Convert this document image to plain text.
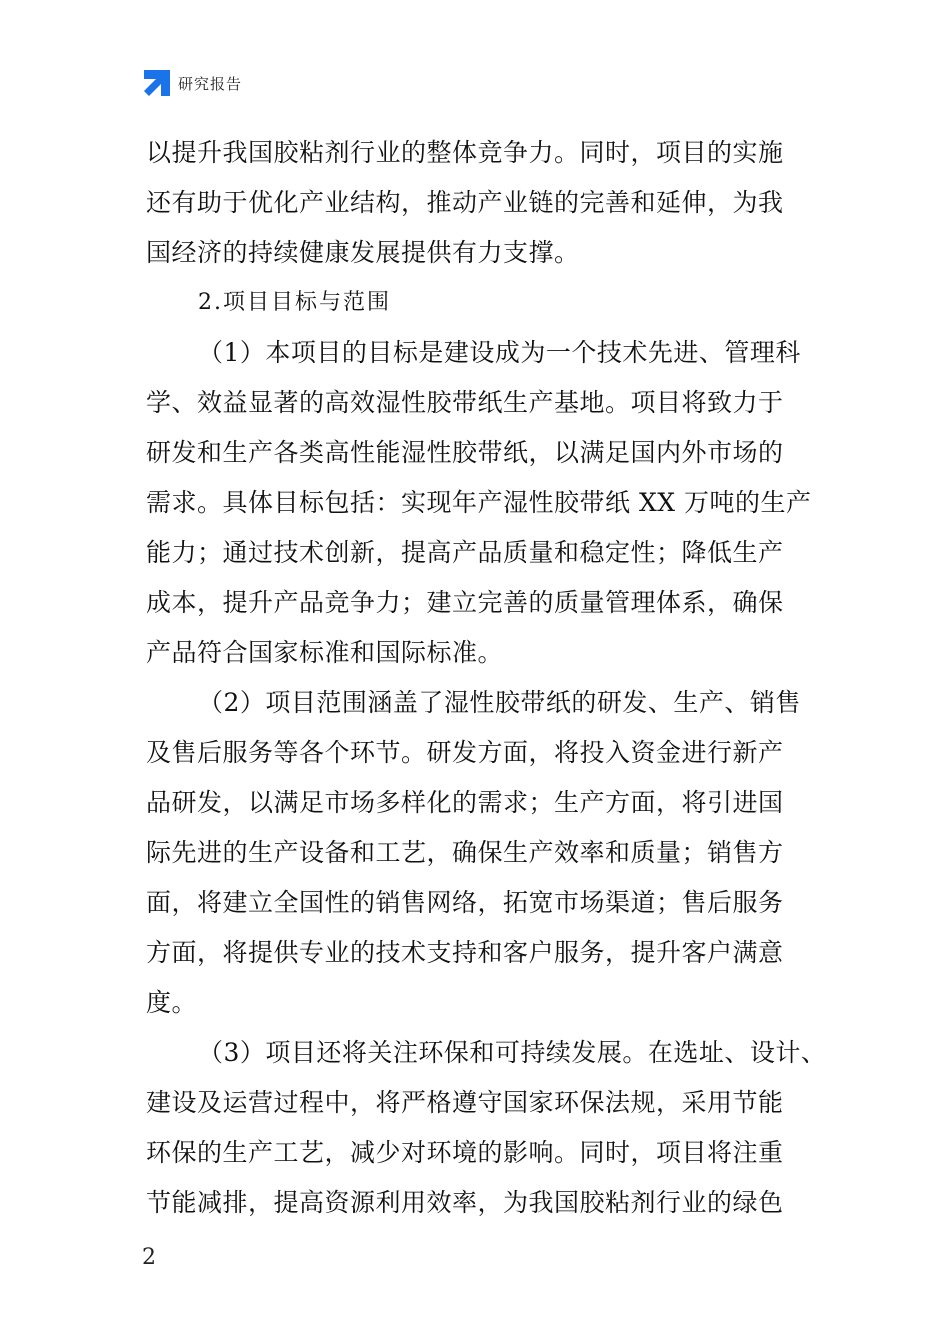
研究报告
以提升我国胶粘剂行业的整体竞争力。同时，项目的实施
还有助于优化产业结构，推动产业链的完善和延伸，为我
国经济的持续健康发展提供有力支撑。
2.项目目标与范围
（1）本项目的目标是建设成为一个技术先进、管理科
学、效益显著的高效湿性胶带纸生产基地。项目将致力于
研发和生产各类高性能湿性胶带纸，以满足国内外市场的
需求。具体目标包括：实现年产湿性胶带纸 XX 万吨的生产
能力；通过技术创新，提高产品质量和稳定性；降低生产
成本，提升产品竞争力；建立完善的质量管理体系，确保
产品符合国家标准和国际标准。
（2）项目范围涵盖了湿性胶带纸的研发、生产、销售
及售后服务等各个环节。研发方面，将投入资金进行新产
品研发，以满足市场多样化的需求；生产方面，将引进国
际先进的生产设备和工艺，确保生产效率和质量；销售方
面，将建立全国性的销售网络，拓宽市场渠道；售后服务
方面，将提供专业的技术支持和客户服务，提升客户满意
度。
（3）项目还将关注环保和可持续发展。在选址、设计、
建设及运营过程中，将严格遵守国家环保法规，采用节能
环保的生产工艺，减少对环境的影响。同时，项目将注重
节能减排，提高资源利用效率，为我国胶粘剂行业的绿色
2
